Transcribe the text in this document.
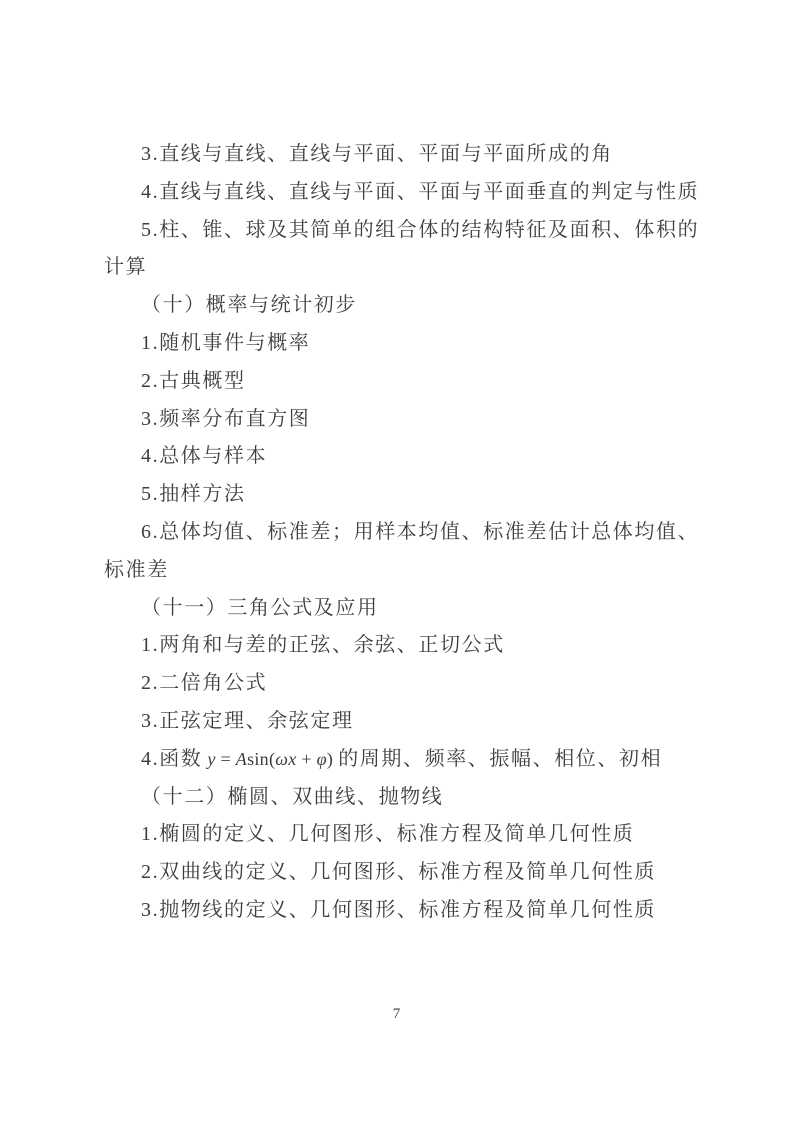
3.直线与直线、直线与平面、平面与平面所成的角

4.直线与直线、直线与平面、平面与平面垂直的判定与性质

5.柱、锥、球及其简单的组合体的结构特征及面积、体积的

计算

（十）概率与统计初步

1.随机事件与概率

2.古典概型

3.频率分布直方图

4.总体与样本

5.抽样方法

6.总体均值、标准差；用样本均值、标准差估计总体均值、

标准差

（十一）三角公式及应用

1.两角和与差的正弦、余弦、正切公式

2.二倍角公式

3.正弦定理、余弦定理

4.函数 y = Asin(ωx + φ) 的周期、频率、振幅、相位、初相

（十二）椭圆、双曲线、抛物线

1.椭圆的定义、几何图形、标准方程及简单几何性质

2.双曲线的定义、几何图形、标准方程及简单几何性质

3.抛物线的定义、几何图形、标准方程及简单几何性质

7
